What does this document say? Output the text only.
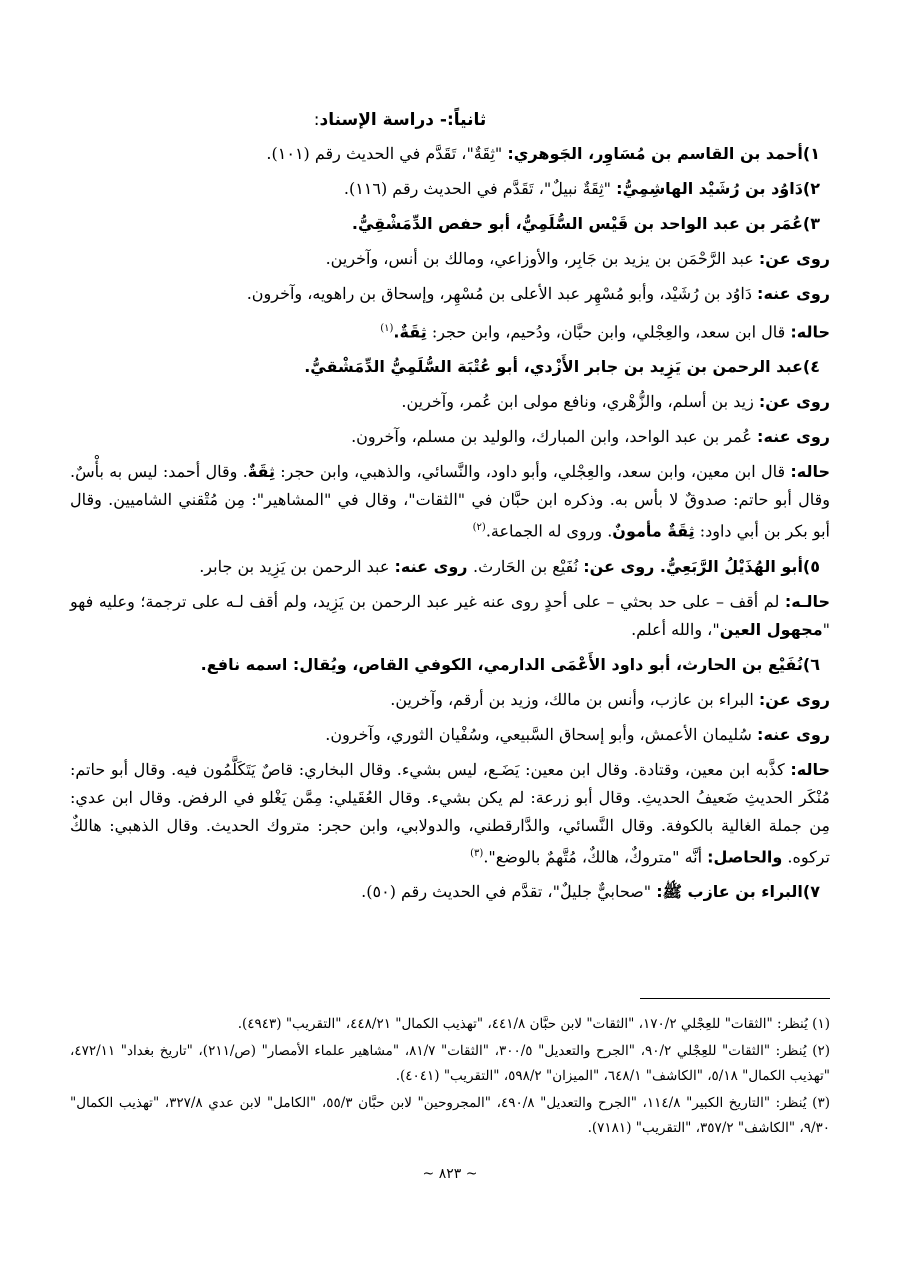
ثانياً:- دراسة الإسناد:

١)أحمد بن القاسم بن مُسَاوِر، الجَوهري: "ثِقَةٌ"، تَقَدَّم في الحديث رقم (١٠١).

٢)دَاوُد بن رُشَيْد الهاشِمِيُّ: "ثِقَةٌ نبيلٌ"، تَقَدَّم في الحديث رقم (١١٦).

٣)عُمَر بن عبد الواحد بن قَيْس السُّلَمِيُّ، أبو حفص الدِّمَشْقِيُّ.

روى عن: عبد الرَّحْمَن بن يزيد بن جَابِر، والأوزاعي، ومالك بن أنس، وآخرين.

روى عنه: دَاوُد بن رُشَيْد، وأبو مُسْهِر عبد الأعلى بن مُسْهِر، وإسحاق بن راهويه، وآخرون.

حاله: قال ابن سعد، والعِجْلي، وابن حبَّان، ودُحيم، وابن حجر: ثِقَةٌ.$^{(١)}$

٤)عبد الرحمن بن يَزِيد بن جابر الأَزْدي، أبو عُتْبَة السُّلَمِيُّ الدِّمَشْقيُّ.

روى عن: زيد بن أسلم، والزُّهْري، ونافع مولى ابن عُمر، وآخرين.

روى عنه: عُمر بن عبد الواحد، وابن المبارك، والوليد بن مسلم، وآخرون.

حاله: قال ابن معين، وابن سعد، والعِجْلي، وأبو داود، والنَّسائي، والذهبي، وابن حجر: ثِقَةٌ. وقال أحمد: ليس به بأْسٌ. وقال أبو حاتم: صدوقٌ لا بأس به. وذكره ابن حبَّان في "الثقات"، وقال في "المشاهير": مِن مُتْقني الشاميين. وقال أبو بكر بن أبي داود: ثِقَةٌ مأمونٌ. وروى له الجماعة.$^{(٢)}$

٥)أبو الهُذَيْلُ الرَّبَعِيُّ. روى عن: نُفَيْع بن الحَارث. روى عنه: عبد الرحمن بن يَزِيد بن جابر.

حالـه: لم أقف – على حد بحثي – على أحدٍ روى عنه غير عبد الرحمن بن يَزِيد، ولم أقف لـه على ترجمة؛ وعليه فهو "مجهول العين"، والله أعلم.

٦)نُفَيْع بن الحارث، أبو داود الأَعْمَى الدارمي، الكوفي القاص، ويُقال: اسمه نافع.

روى عن: البراء بن عازب، وأنس بن مالك، وزيد بن أرقم، وآخرين.

روى عنه: سُليمان الأعمش، وأبو إسحاق السَّبيعي، وسُفْيان الثوري، وآخرون.

حاله: كذَّبه ابن معين، وقتادة. وقال ابن معين: يَضَـع، ليس بشيء. وقال البخاري: قاصٌ يَتَكَلَّمُون فيه. وقال أبو حاتم: مُنْكَر الحديثِ ضَعيفُ الحديثِ. وقال أبو زرعة: لم يكن بشيء. وقال العُقَيلي: مِمَّن يَغْلو في الرفض. وقال ابن عدي: مِن جملة الغالية بالكوفة. وقال النَّسائي، والدَّارقطني، والدولابي، وابن حجر: متروك الحديث. وقال الذهبي: هالكٌ تركوه. والحاصل: أنَّه "متروكٌ، هالكٌ، مُتَّهمٌ بالوضع".$^{(٣)}$

٧)البراء بن عازب ﷺ: "صحابيٌّ جليلٌ"، تقدَّم في الحديث رقم (٥٠).

(١) يُنظر: "الثقات" للعِجْلي ١٧٠/٢، "الثقات" لابن حبَّان ٤٤١/٨، "تهذيب الكمال" ٤٤٨/٢١، "التقريب" (٤٩٤٣).

(٢) يُنظر: "الثقات" للعِجْلي ٩٠/٢، "الجرح والتعديل" ٣٠٠/٥، "الثقات" ٨١/٧، "مشاهير علماء الأمصار" (ص/٢١١)، "تاريخ بغداد" ٤٧٢/١١، "تهذيب الكمال" ٥/١٨، "الكاشف" ٦٤٨/١، "الميزان" ٥٩٨/٢، "التقريب" (٤٠٤١).

(٣) يُنظر: "التاريخ الكبير" ١١٤/٨، "الجرح والتعديل" ٤٩٠/٨، "المجروحين" لابن حبَّان ٥٥/٣، "الكامل" لابن عدي ٣٢٧/٨، "تهذيب الكمال" ٩/٣٠، "الكاشف" ٣٥٧/٢، "التقريب" (٧١٨١).

~ ٨٢٣ ~
